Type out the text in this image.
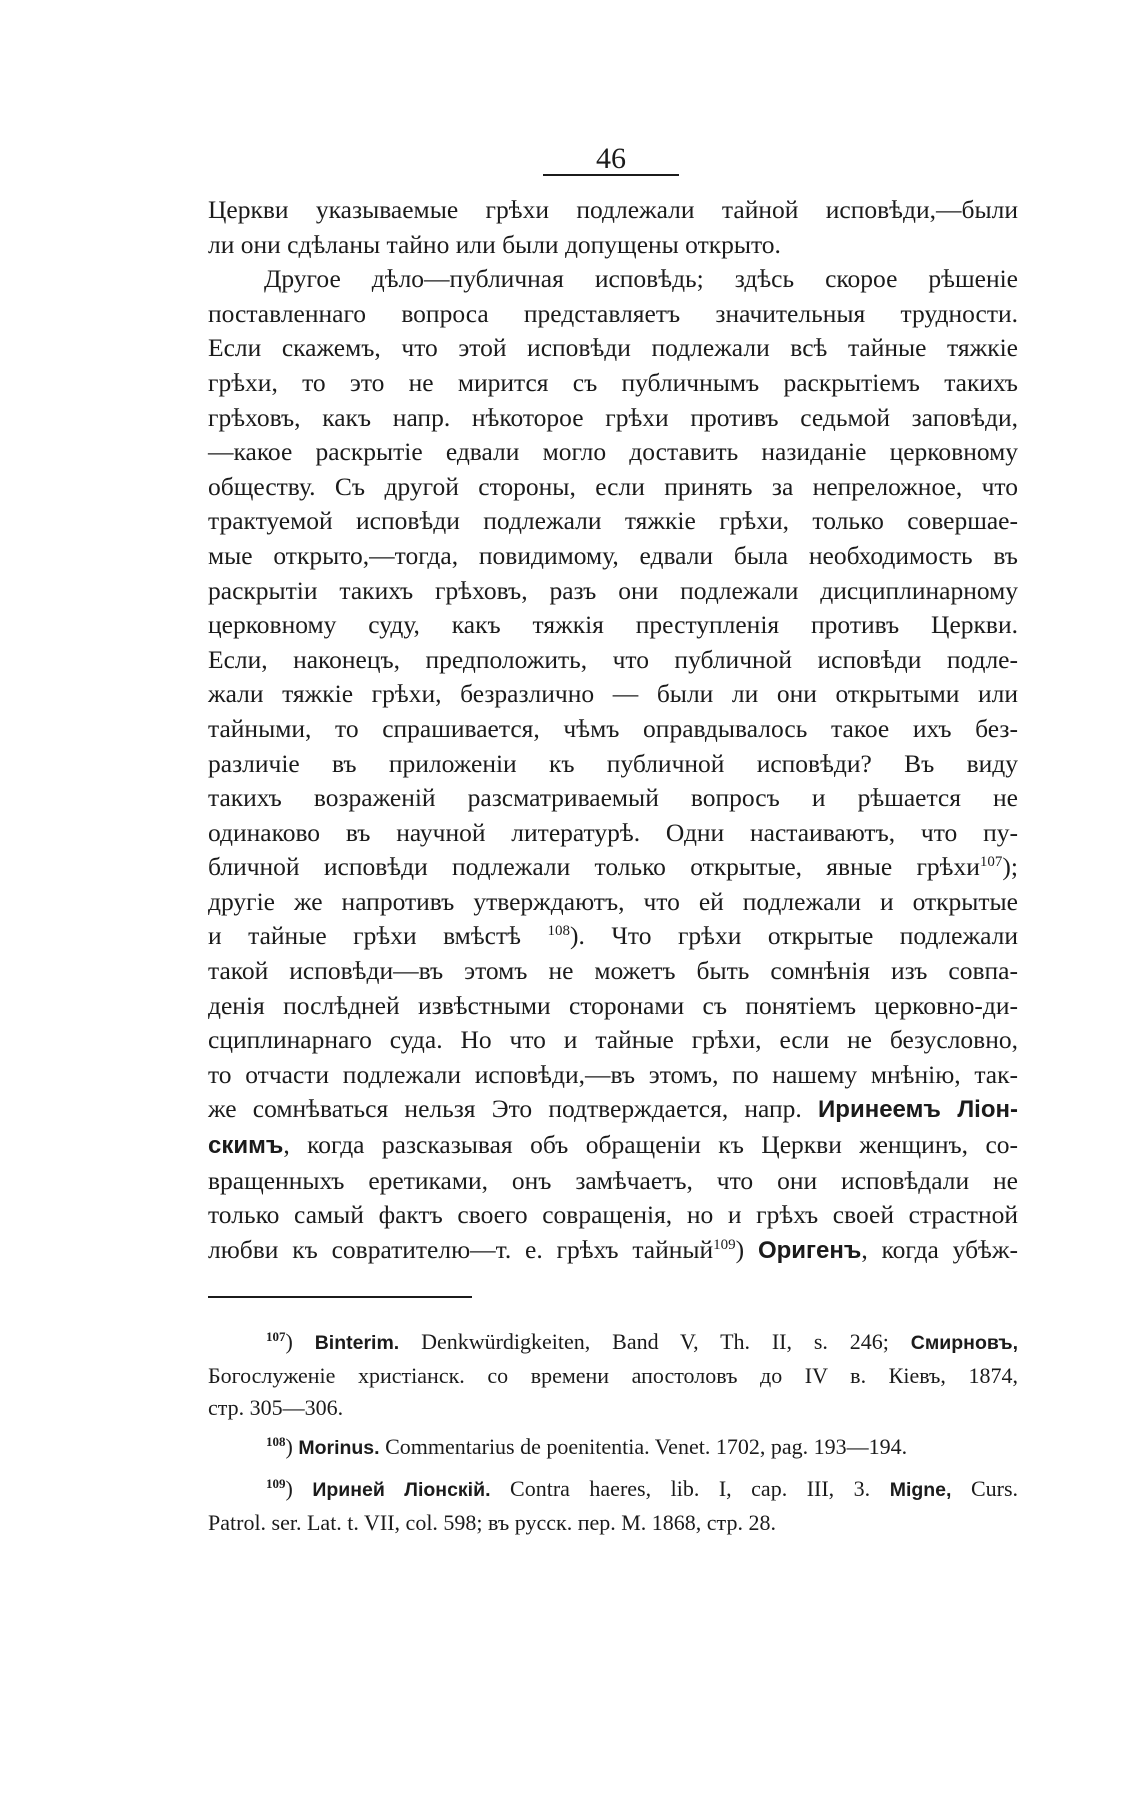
46
Церкви указываемые грѣхи подлежали тайной исповѣди,—были
ли они сдѣланы тайно или были допущены открыто.
Другое дѣло—публичная исповѣдь; здѣсь скорое рѣшеніе
поставленнаго вопроса представляетъ значительныя трудности.
Если скажемъ, что этой исповѣди подлежали всѣ тайные тяжкіе
грѣхи, то это не мирится съ публичнымъ раскрытіемъ такихъ
грѣховъ, какъ напр. нѣкоторое грѣхи противъ седьмой заповѣди,
—какое раскрытіе едвали могло доставить назиданіе церковному
обществу. Съ другой стороны, если принять за непреложное, что
трактуемой исповѣди подлежали тяжкіе грѣхи, только совершае-
мые открыто,—тогда, повидимому, едвали была необходимость въ
раскрытіи такихъ грѣховъ, разъ они подлежали дисциплинарному
церковному суду, какъ тяжкія преступленія противъ Церкви.
Если, наконецъ, предположить, что публичной исповѣди подле-
жали тяжкіе грѣхи, безразлично — были ли они открытыми или
тайными, то спрашивается, чѣмъ оправдывалось такое ихъ без-
различіе въ приложеніи къ публичной исповѣди? Въ виду
такихъ возраженій разсматриваемый вопросъ и рѣшается не
одинаково въ научной литературѣ. Одни настаиваютъ, что пу-
бличной исповѣди подлежали только открытые, явные грѣхи$^{107}$);
другіе же напротивъ утверждаютъ, что ей подлежали и открытые
и тайные грѣхи вмѣстѣ $^{108}$). Что грѣхи открытые подлежали
такой исповѣди—въ этомъ не можетъ быть сомнѣнія изъ совпа-
денія послѣдней извѣстными сторонами съ понятіемъ церковно-ди-
сциплинарнаго суда. Но что и тайные грѣхи, если не безусловно,
то отчасти подлежали исповѣди,—въ этомъ, по нашему мнѣнію, так-
же сомнѣваться нельзя Это подтверждается, напр. Иринеемъ Ліон-
скимъ, когда разсказывая объ обращеніи къ Церкви женщинъ, со-
вращенныхъ еретиками, онъ замѣчаетъ, что они исповѣдали не
только самый фактъ своего совращенія, но и грѣхъ своей страстной
любви къ совратителю—т. е. грѣхъ тайный$^{109}$) Оригенъ, когда убѣж-
$^{107}$) Binterim. Denkwürdigkeiten, Band V, Th. II, s. 246; Смирновъ,
Богослуженіе христіанск. со времени апостоловъ до IV в. Кіевъ, 1874,
стр. 305—306.
$^{108}$) Morinus. Commentarius de poenitentia. Venet. 1702, pag. 193—194.
$^{109}$) Ириней Ліонскій. Contra haeres, lib. I, cap. III, 3. Migne, Curs.
Patrol. ser. Lat. t. VII, col. 598; въ русск. пер. М. 1868, стр. 28.
